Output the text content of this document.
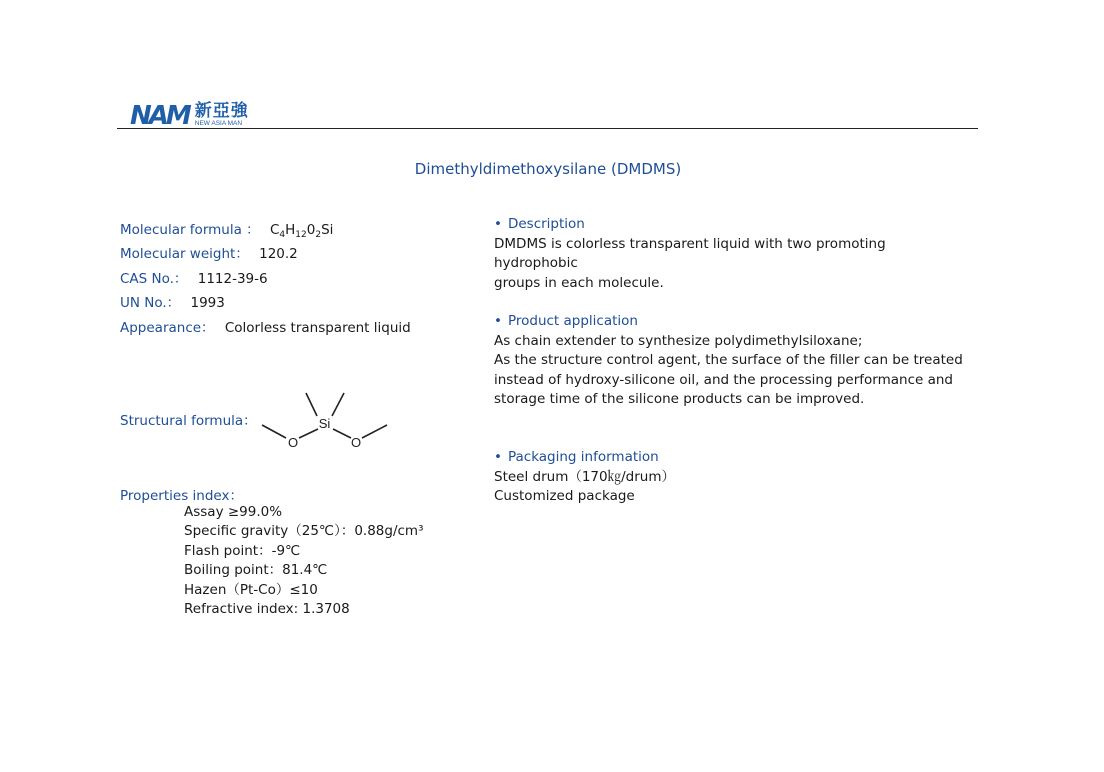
NAM 新亞強
NEW ASIA MAN
Dimethyldimethoxysilane (DMDMS)
Molecular formula ： $C_4H_{12}0_2Si$
Molecular weight： 120.2
CAS No.： 1112-39-6
UN No.： 1993
Appearance： Colorless transparent liquid
Structural formula：	Si
O	O
Properties index：
Assay ≥99.0%
Specific gravity（25℃）：0.88g/cm³
Flash point：-9℃
Boiling point：81.4℃
Hazen（Pt-Co）≤10
Refractive index: 1.3708
• Description

DMDMS is colorless transparent liquid with two promoting hydrophobic

groups in each molecule.

• Product application

As chain extender to synthesize polydimethylsiloxane;

As the structure control agent, the surface of the filler can be treated

instead of hydroxy-silicone oil, and the processing performance and

storage time of the silicone products can be improved.

• Packaging information

Steel drum（170㎏/drum）

Customized package
